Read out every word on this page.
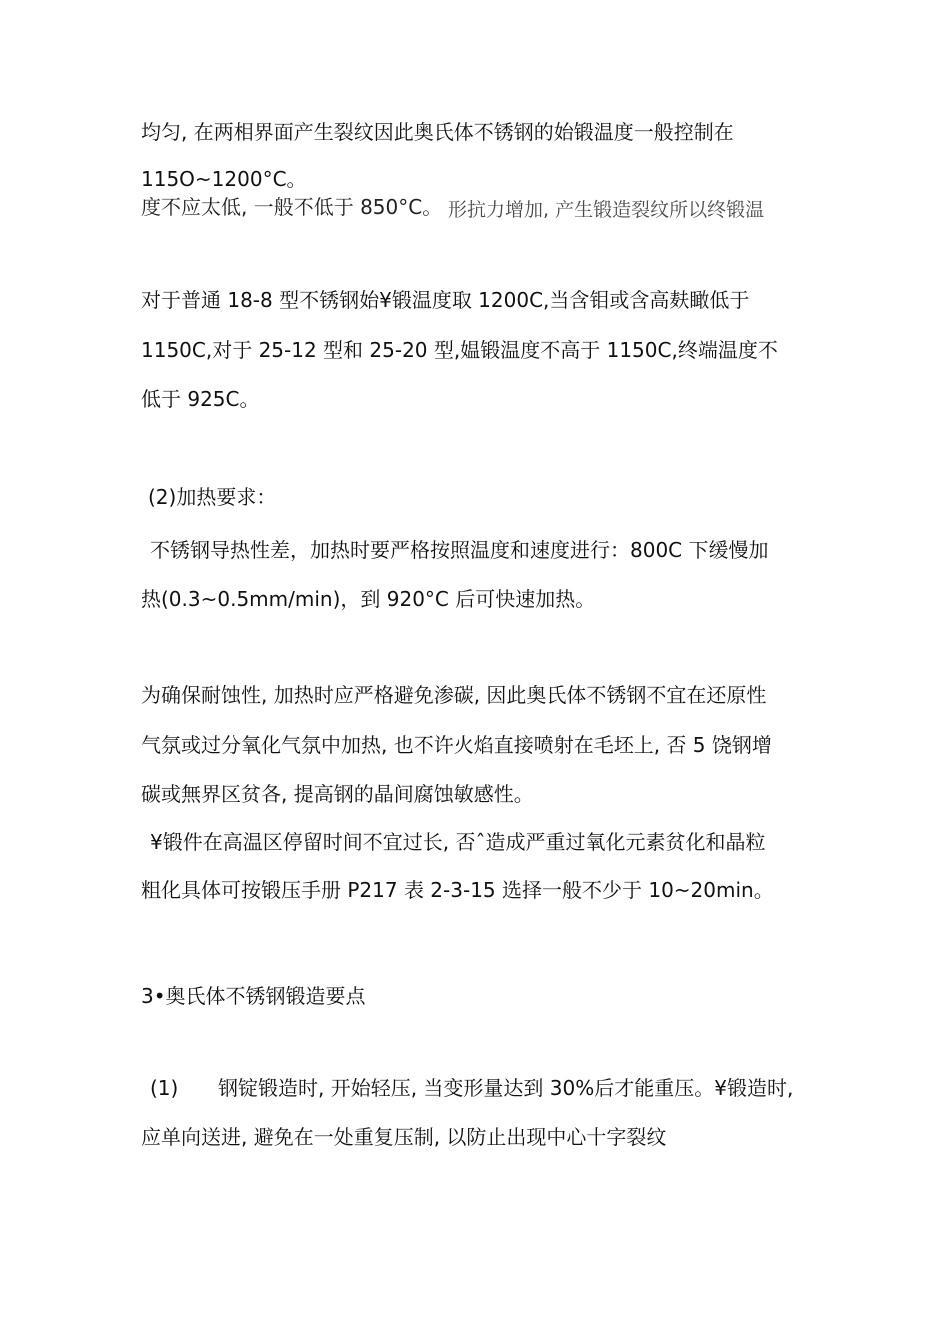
均匀, 在两相界面产生裂纹因此奥氏体不锈钢的始锻温度一般控制在
115O~1200°C。
度不应太低, 一般不低于 850°C。 形抗力增加, 产生锻造裂纹所以终锻温
对于普通 18-8 型不锈钢始¥锻温度取 1200C,当含钼或含高麸瞰低于
1150C,对于 25-12 型和 25-20 型,媪锻温度不高于 1150C,终端温度不
低于 925C。
(2)加热要求：
不锈钢导热性差，加热时要严格按照温度和速度进行：800C 下缓慢加
热(0.3~0.5mm/min)，到 920°C 后可快速加热。
为确保耐蚀性, 加热时应严格避免渗碳, 因此奥氏体不锈钢不宜在还原性
气氛或过分氧化气氛中加热, 也不许火焰直接喷射在毛坯上, 否 5 饶钢增
碳或無界区贫各, 提高钢的晶间腐蚀敏感性。
¥锻件在高温区停留时间不宜过长, 否ˆ造成严重过氧化元素贫化和晶粒
粗化具体可按锻压手册 P217 表 2-3-15 选择一般不少于 10~20min。
3•奥氏体不锈钢锻造要点
(1) 钢锭锻造时, 开始轻压, 当变形量达到 30%后才能重压。¥锻造时,
应单向送进, 避免在一处重复压制, 以防止出现中心十字裂纹
